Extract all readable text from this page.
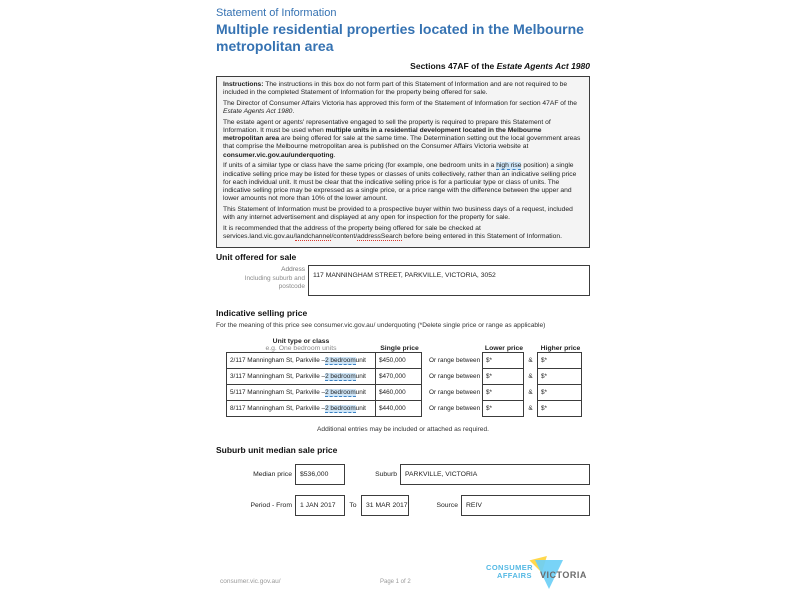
Statement of Information
Multiple residential properties located in the Melbourne metropolitan area
Sections 47AF of the Estate Agents Act 1980

Instructions: The instructions in this box do not form part of this Statement of Information and are not required to be included in the completed Statement of Information for the property being offered for sale.

The Director of Consumer Affairs Victoria has approved this form of the Statement of Information for section 47AF of the Estate Agents Act 1980.

The estate agent or agents' representative engaged to sell the property is required to prepare this Statement of Information. It must be used when multiple units in a residential development located in the Melbourne metropolitan area are being offered for sale at the same time. The Determination setting out the local government areas that comprise the Melbourne metropolitan area is published on the Consumer Affairs Victoria website at consumer.vic.gov.au/underquoting.

If units of a similar type or class have the same pricing (for example, one bedroom units in a high rise position) a single indicative selling price may be listed for these types or classes of units collectively, rather than an indicative selling price for each individual unit. It must be clear that the indicative selling price is for a particular type or class of units. The indicative selling price may be expressed as a single price, or a price range with the difference between the upper and lower amounts not more than 10% of the lower amount.

This Statement of Information must be provided to a prospective buyer within two business days of a request, included with any internet advertisement and displayed at any open for inspection for the property for sale.

It is recommended that the address of the property being offered for sale be checked at services.land.vic.gov.au/landchannel/content/addressSearch before being entered in this Statement of Information.

Unit offered for sale
Address
Including suburb and
postcode
117 MANNINGHAM STREET, PARKVILLE, VICTORIA, 3052
Indicative selling price
For the meaning of this price see consumer.vic.gov.au/ underquoting (*Delete single price or range as applicable)
Unit type or class
e.g. One bedroom units	Single price	Lower price	Higher price
2/117 Manningham St, Parkville – 2 bedroom unit	$450,000	Or range between $*	&	$*
3/117 Manningham St, Parkville – 2 bedroom unit	$470,000	Or range between $*	&	$*
5/117 Manningham St, Parkville – 2 bedroom unit	$460,000	Or range between $*	&	$*
8/117 Manningham St, Parkville – 2 bedroom unit	$440,000	Or range between $*	&	$*
Additional entries may be included or attached as required.
Suburb unit median sale price
Median price	$536,000	Suburb	PARKVILLE, VICTORIA
Period - From	1 JAN 2017	To	31 MAR 2017	Source	REIV
CONSUMER
AFFAIRS VICTORIA
consumer.vic.gov.au/	Page 1 of 2
